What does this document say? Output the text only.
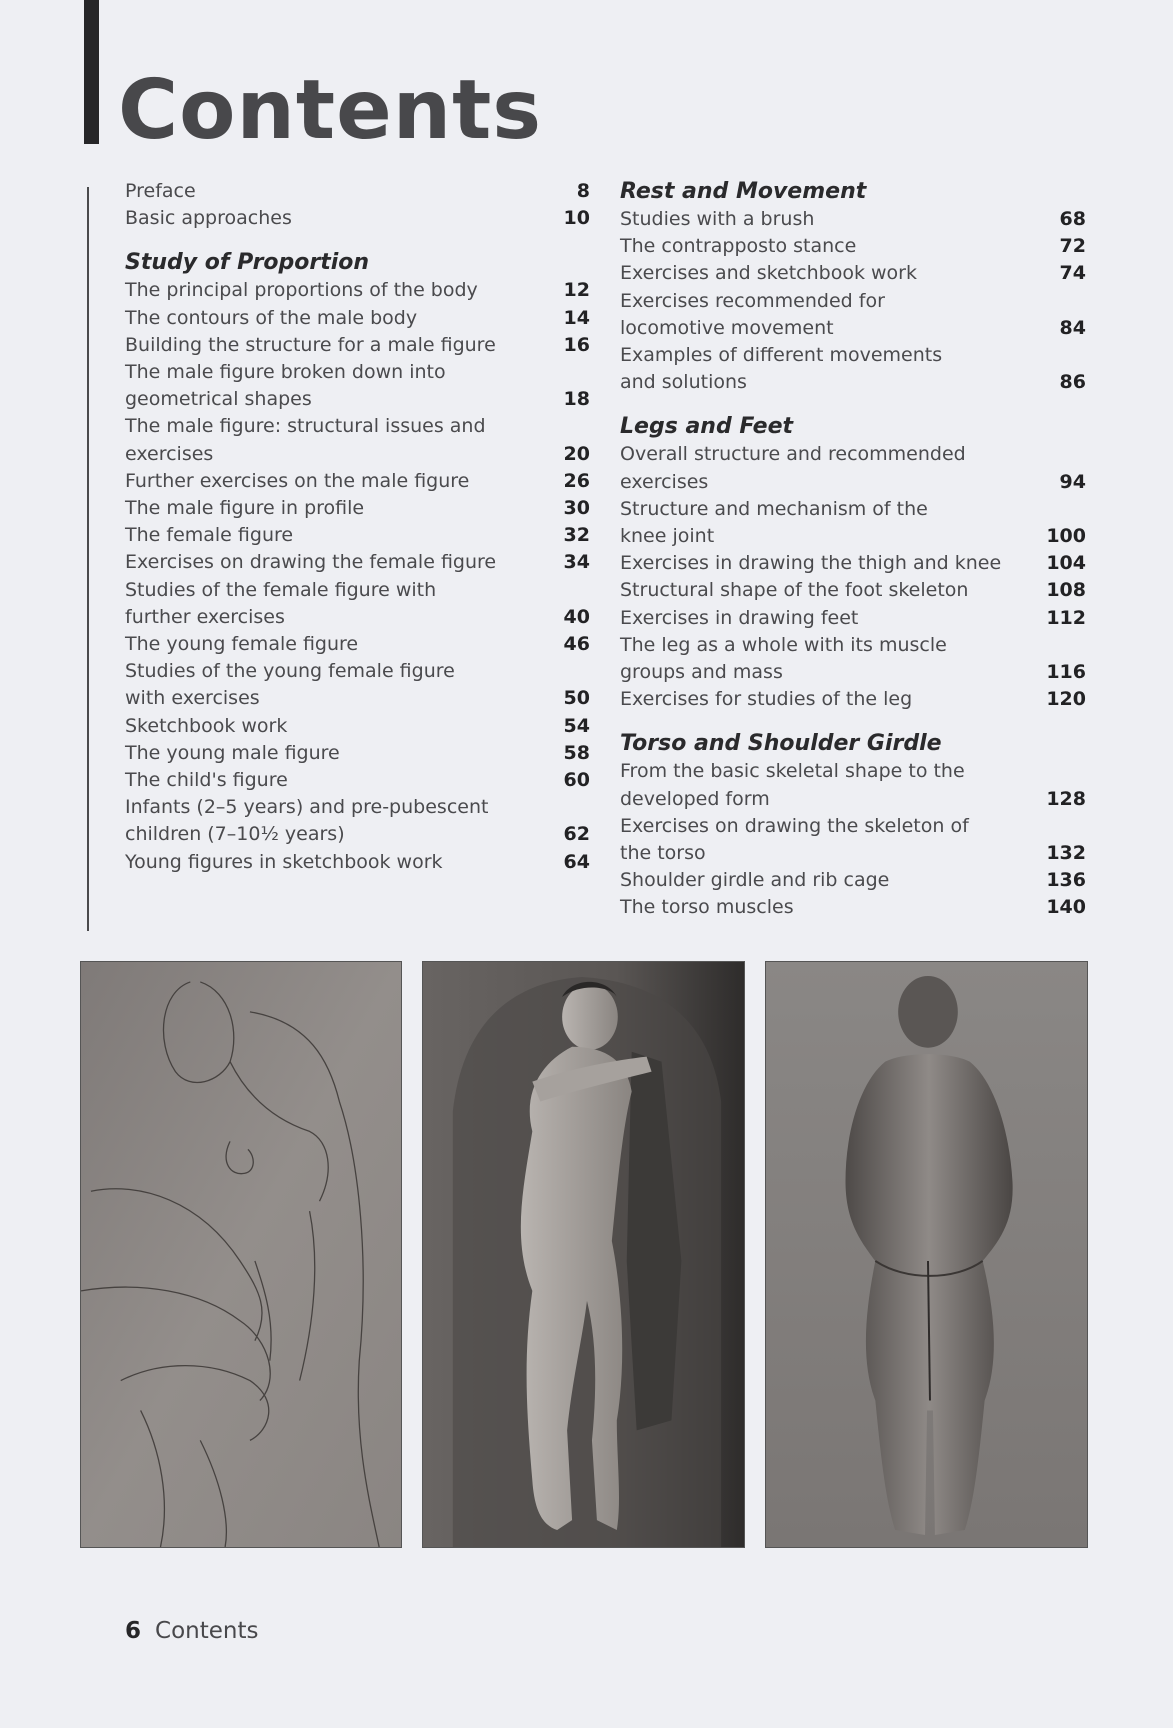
Contents
Preface	8
Basic approaches	10
Study of Proportion
The principal proportions of the body	12
The contours of the male body	14
Building the structure for a male figure	16
The male figure broken down into
geometrical shapes	18
The male figure: structural issues and
exercises	20
Further exercises on the male figure	26
The male figure in profile	30
The female figure	32
Exercises on drawing the female figure	34
Studies of the female figure with
further exercises	40
The young female figure	46
Studies of the young female figure
with exercises	50
Sketchbook work	54
The young male figure	58
The child's figure	60
Infants (2–5 years) and pre-pubescent
children (7–10½ years)	62
Young figures in sketchbook work	64
Rest and Movement
Studies with a brush	68
The contrapposto stance	72
Exercises and sketchbook work	74
Exercises recommended for
locomotive movement	84
Examples of different movements
and solutions	86
Legs and Feet
Overall structure and recommended
exercises	94
Structure and mechanism of the
knee joint	100
Exercises in drawing the thigh and knee	104
Structural shape of the foot skeleton	108
Exercises in drawing feet	112
The leg as a whole with its muscle
groups and mass	116
Exercises for studies of the leg	120
Torso and Shoulder Girdle
From the basic skeletal shape to the
developed form	128
Exercises on drawing the skeleton of
the torso	132
Shoulder girdle and rib cage	136
The torso muscles	140
6 Contents
